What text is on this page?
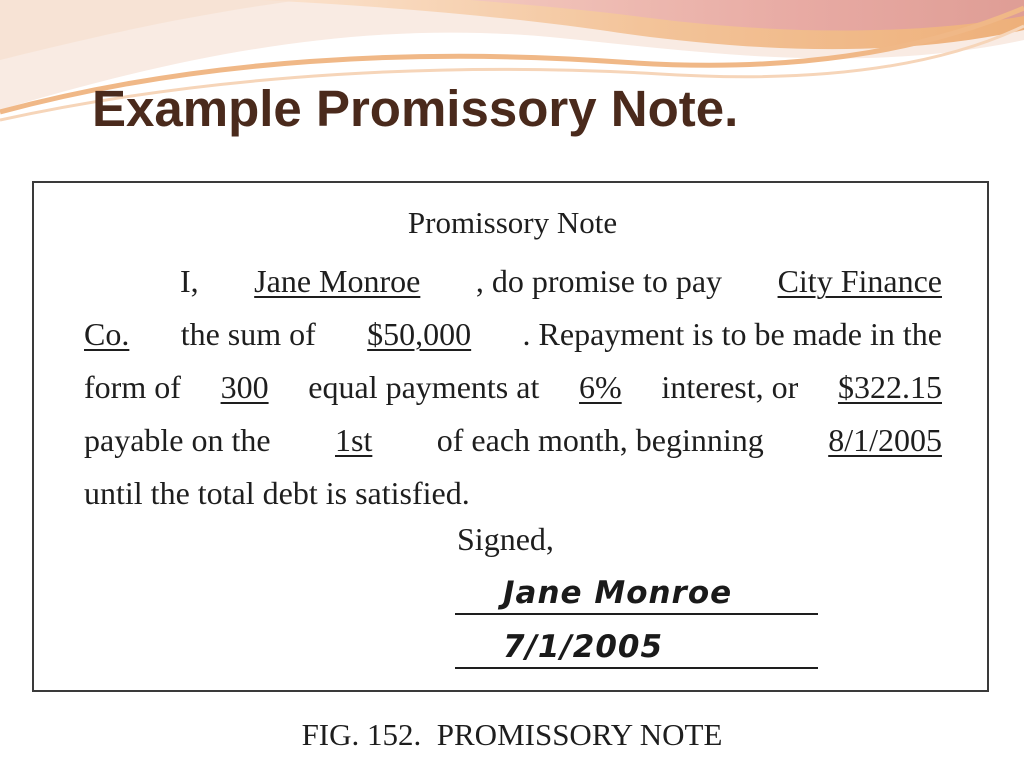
Example Promissory Note.
Promissory Note
I, Jane Monroe , do promise to pay City Finance
Co. the sum of $50,000 . Repayment is to be made in the
form of 300 equal payments at 6% interest, or $322.15
payable on the 1st of each month, beginning 8/1/2005
until the total debt is satisfied.

Signed,

Jane Monroe
7/1/2005

FIG. 152.  PROMISSORY NOTE
